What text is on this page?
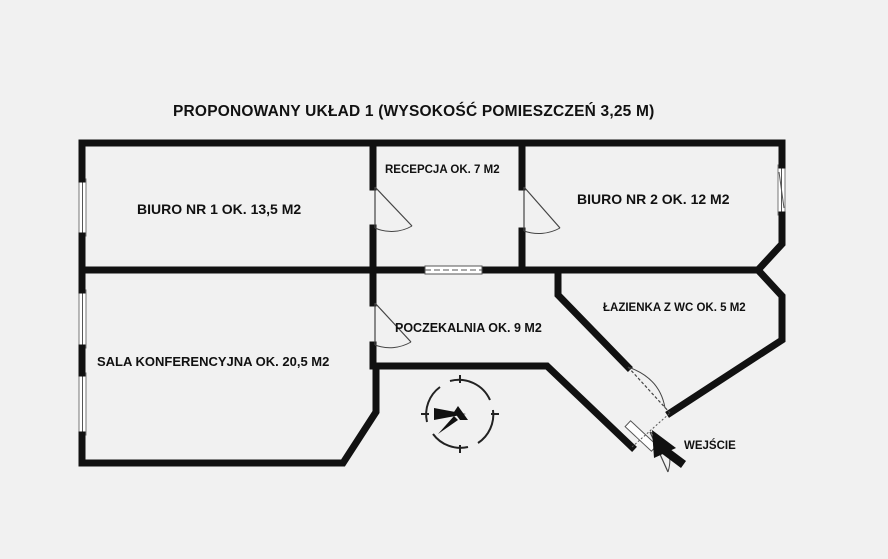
PROPONOWANY UKŁAD 1 (WYSOKOŚĆ POMIESZCZEŃ 3,25 M)
BIURO NR 1 OK. 13,5 M2
RECEPCJA OK. 7 M2
BIURO NR 2 OK. 12 M2
SALA KONFERENCYJNA OK. 20,5 M2
POCZEKALNIA OK. 9 M2
ŁAZIENKA Z WC OK. 5 M2
WEJŚCIE
